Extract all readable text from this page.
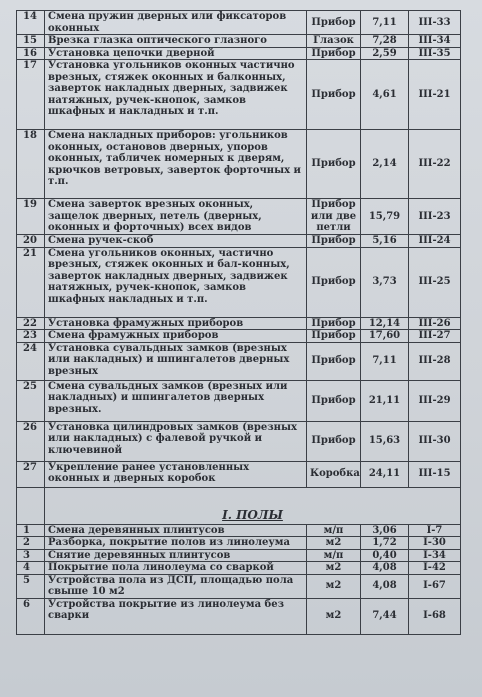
14	Смена пружин дверных или фиксаторов оконных	Прибор	7,11	III-33
15	Врезка глазка оптического глазного	Глазок	7,28	III-34
16	Установка цепочки дверной	Прибор	2,59	III-35
17	Установка угольников оконных частично врезных, стяжек оконных и балконных, заверток накладных дверных, задвижек натяжных, ручек-кнопок, замков шкафных и накладных и т.п.	Прибор	4,61	III-21
18	Смена накладных приборов: угольников оконных, остановов дверных, упоров оконных, табличек номерных к дверям, крючков ветровых, заверток форточных и т.п.	Прибор	2,14	III-22
19	Смена заверток врезных оконных, защелок дверных, петель (дверных, оконных и форточных) всех видов	Прибор или две петли	15,79	III-23
20	Смена ручек-скоб	Прибор	5,16	III-24
21	Смена угольников оконных, частично врезных, стяжек оконных и бал-конных, заверток накладных дверных, задвижек натяжных, ручек-кнопок, замков шкафных накладных и т.п.	Прибор	3,73	III-25
22	Установка фрамужных приборов	Прибор	12,14	III-26
23	Смена фрамужных приборов	Прибор	17,60	III-27
24	Установка сувальдных замков (врезных или накладных) и шпингалетов дверных врезных	Прибор	7,11	III-28
25	Смена сувальдных замков (врезных или накладных) и шпингалетов дверных врезных.	Прибор	21,11	III-29
26	Установка цилиндровых замков (врезных или накладных) с фалевой ручкой и ключевиной	Прибор	15,63	III-30
27	Укрепление ранее установленных оконных и дверных коробок	Коробка	24,11	III-15
	I. ПОЛЫ			
1	Смена деревянных плинтусов	м/п	3,06	I-7
2	Разборка, покрытие полов из линолеума	м2	1,72	I-30
3	Снятие деревянных плинтусов	м/п	0,40	I-34
4	Покрытие пола линолеума со сваркой	м2	4,08	I-42
5	Устройства пола из ДСП, площадью пола свыше 10 м2	м2	4,08	I-67
6	Устройства покрытие из линолеума без сварки	м2	7,44	I-68
